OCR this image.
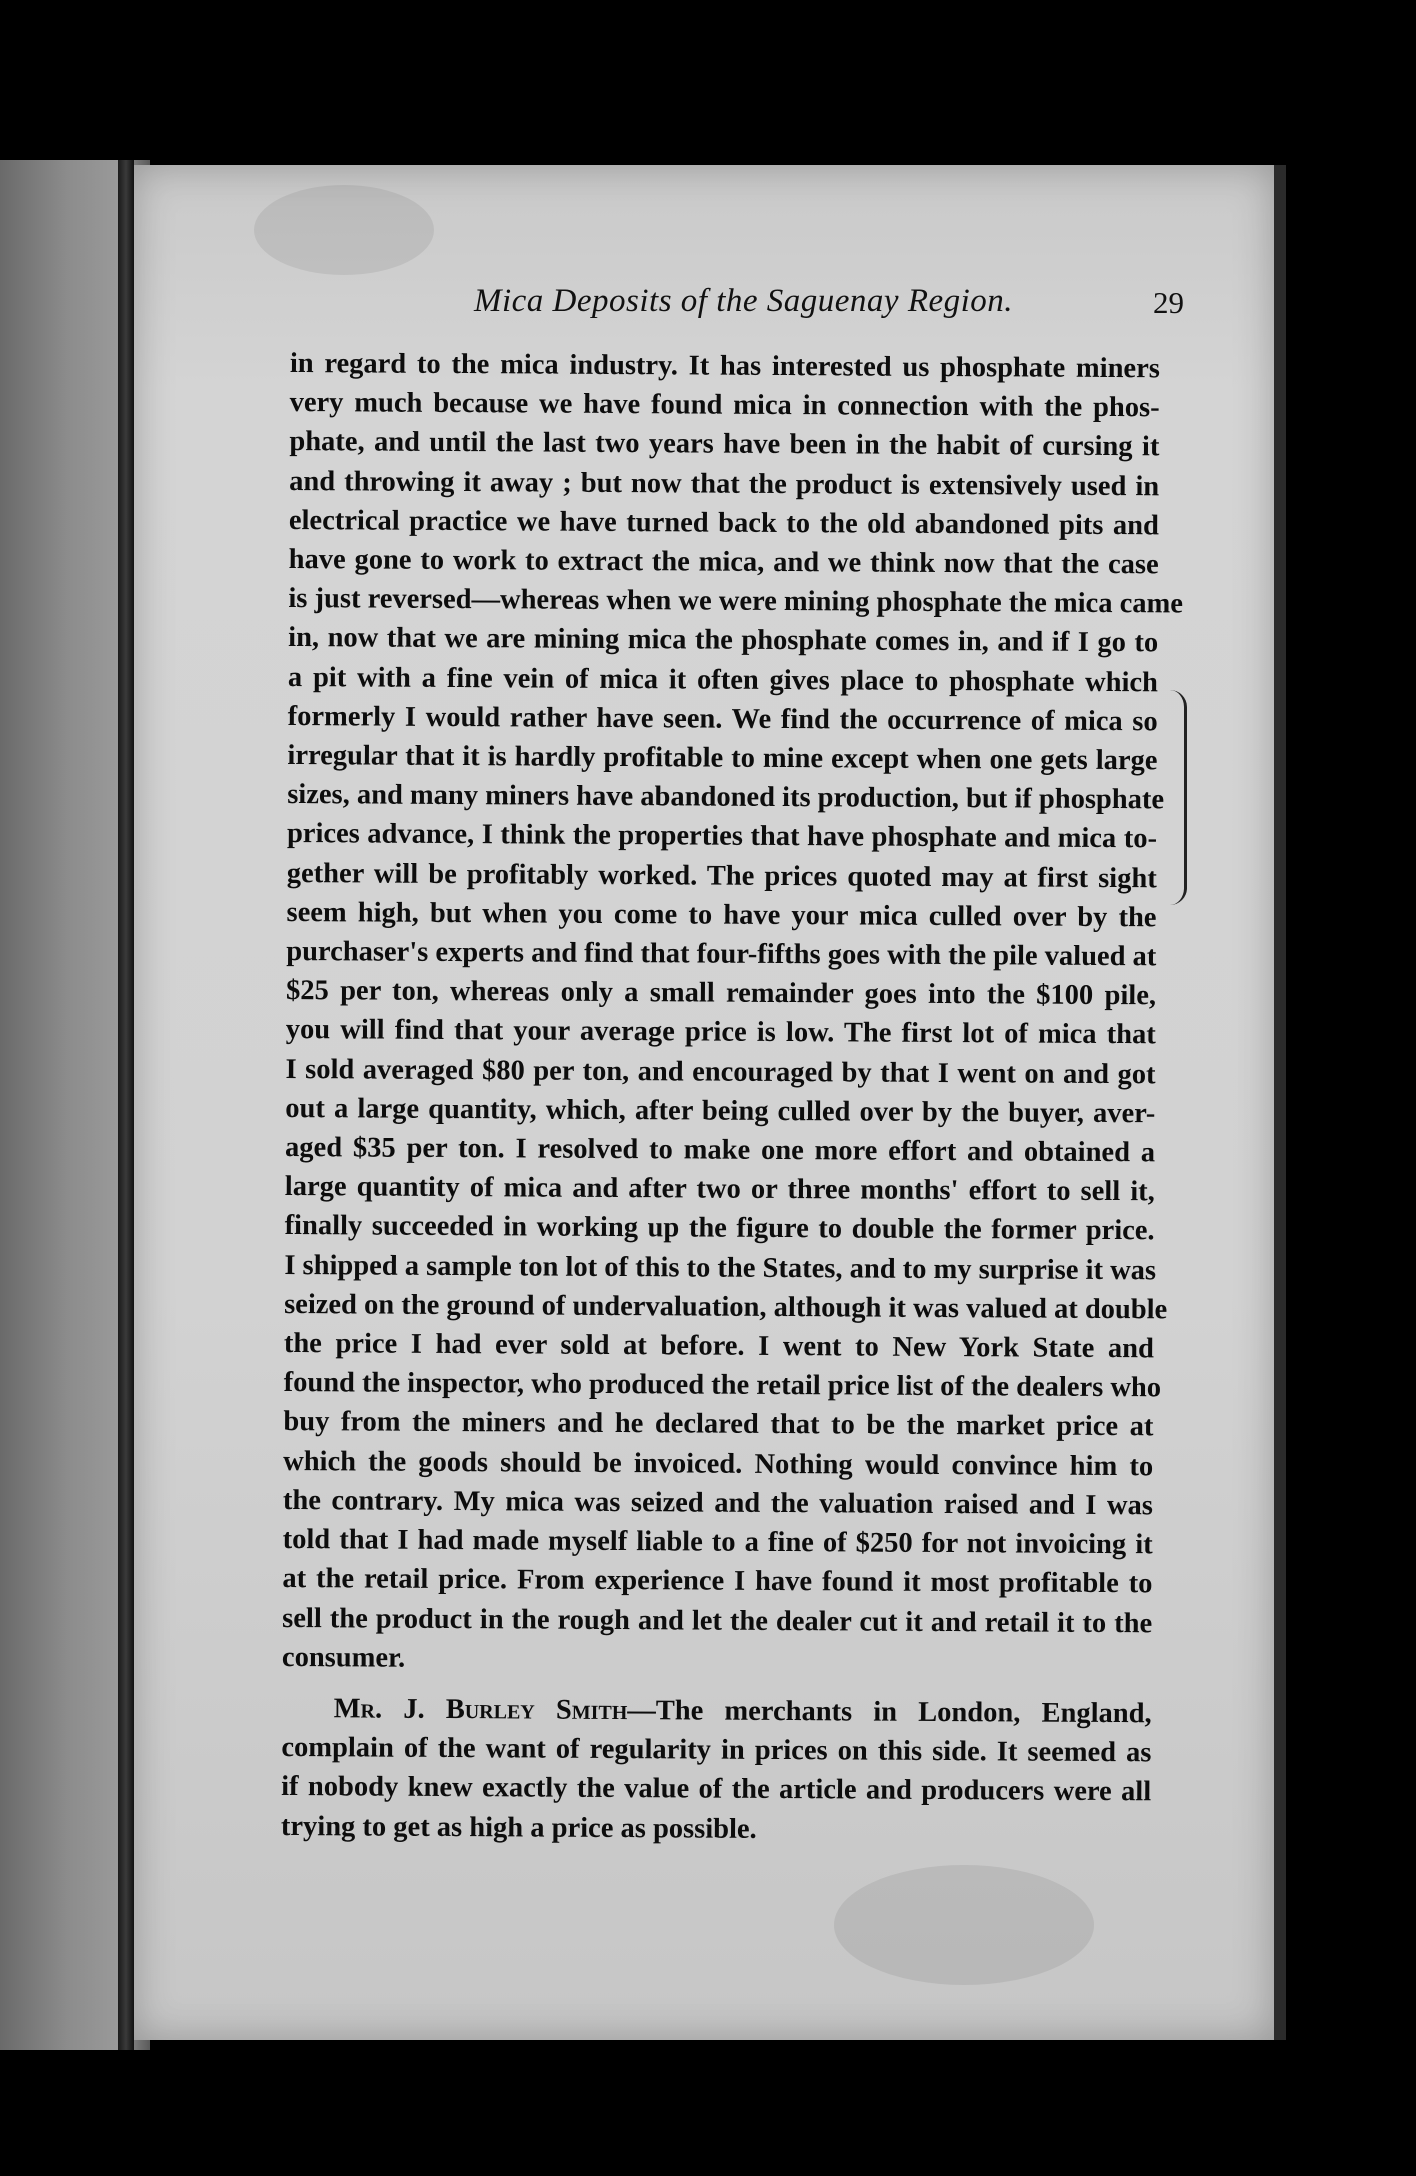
Mica Deposits of the Saguenay Region.	29
in regard to the mica industry. It has interested us phosphate miners
very much because we have found mica in connection with the phos-
phate, and until the last two years have been in the habit of cursing it
and throwing it away ; but now that the product is extensively used in
electrical practice we have turned back to the old abandoned pits and
have gone to work to extract the mica, and we think now that the case
is just reversed—whereas when we were mining phosphate the mica came
in, now that we are mining mica the phosphate comes in, and if I go to
a pit with a fine vein of mica it often gives place to phosphate which
formerly I would rather have seen. We find the occurrence of mica so
irregular that it is hardly profitable to mine except when one gets large
sizes, and many miners have abandoned its production, but if phosphate
prices advance, I think the properties that have phosphate and mica to-
gether will be profitably worked. The prices quoted may at first sight
seem high, but when you come to have your mica culled over by the
purchaser's experts and find that four-fifths goes with the pile valued at
$25 per ton, whereas only a small remainder goes into the $100 pile,
you will find that your average price is low. The first lot of mica that
I sold averaged $80 per ton, and encouraged by that I went on and got
out a large quantity, which, after being culled over by the buyer, aver-
aged $35 per ton. I resolved to make one more effort and obtained a
large quantity of mica and after two or three months' effort to sell it,
finally succeeded in working up the figure to double the former price.
I shipped a sample ton lot of this to the States, and to my surprise it was
seized on the ground of undervaluation, although it was valued at double
the price I had ever sold at before. I went to New York State and
found the inspector, who produced the retail price list of the dealers who
buy from the miners and he declared that to be the market price at
which the goods should be invoiced. Nothing would convince him to
the contrary. My mica was seized and the valuation raised and I was
told that I had made myself liable to a fine of $250 for not invoicing it
at the retail price. From experience I have found it most profitable to
sell the product in the rough and let the dealer cut it and retail it to the
consumer.
Mr. J. Burley Smith—The merchants in London, England,
complain of the want of regularity in prices on this side. It seemed as
if nobody knew exactly the value of the article and producers were all
trying to get as high a price as possible.
